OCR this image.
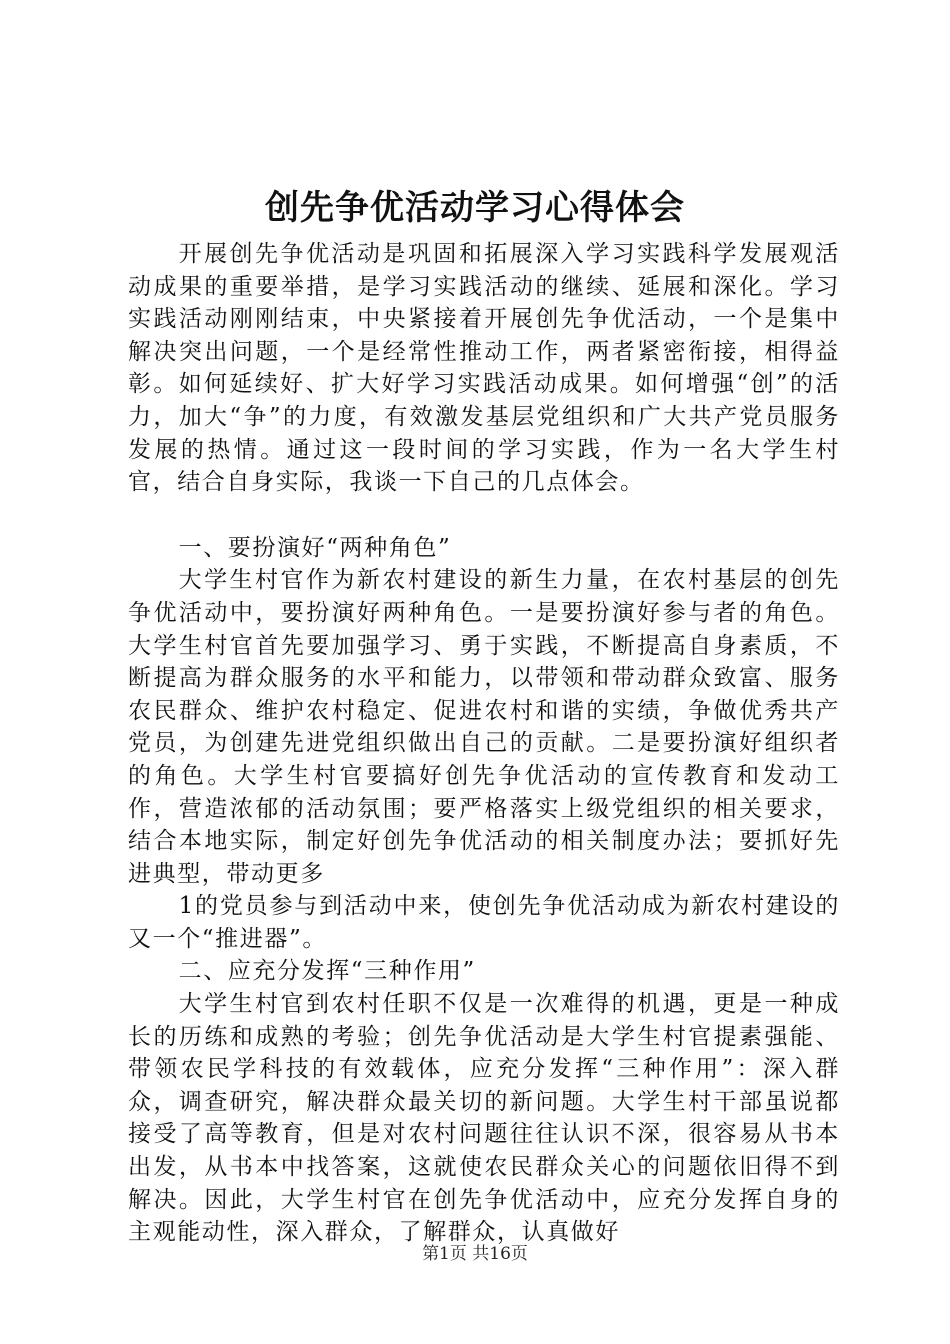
创先争优活动学习心得体会

开展创先争优活动是巩固和拓展深入学习实践科学发展观活动成果的重要举措，是学习实践活动的继续、延展和深化。学习实践活动刚刚结束，中央紧接着开展创先争优活动，一个是集中解决突出问题，一个是经常性推动工作，两者紧密衔接，相得益彰。如何延续好、扩大好学习实践活动成果。如何增强“创”的活力，加大“争”的力度，有效激发基层党组织和广大共产党员服务发展的热情。通过这一段时间的学习实践，作为一名大学生村官，结合自身实际，我谈一下自己的几点体会。

一、要扮演好“两种角色”

大学生村官作为新农村建设的新生力量，在农村基层的创先争优活动中，要扮演好两种角色。一是要扮演好参与者的角色。大学生村官首先要加强学习、勇于实践，不断提高自身素质，不断提高为群众服务的水平和能力，以带领和带动群众致富、服务农民群众、维护农村稳定、促进农村和谐的实绩，争做优秀共产党员，为创建先进党组织做出自己的贡献。二是要扮演好组织者的角色。大学生村官要搞好创先争优活动的宣传教育和发动工作，营造浓郁的活动氛围；要严格落实上级党组织的相关要求，结合本地实际，制定好创先争优活动的相关制度办法；要抓好先进典型，带动更多

1的党员参与到活动中来，使创先争优活动成为新农村建设的又一个“推进器”。

二、应充分发挥“三种作用”

大学生村官到农村任职不仅是一次难得的机遇，更是一种成长的历练和成熟的考验；创先争优活动是大学生村官提素强能、带领农民学科技的有效载体，应充分发挥“三种作用”：深入群众，调查研究，解决群众最关切的新问题。大学生村干部虽说都接受了高等教育，但是对农村问题往往认识不深，很容易从书本出发，从书本中找答案，这就使农民群众关心的问题依旧得不到解决。因此，大学生村官在创先争优活动中，应充分发挥自身的主观能动性，深入群众，了解群众，认真做好

第1页 共16页
